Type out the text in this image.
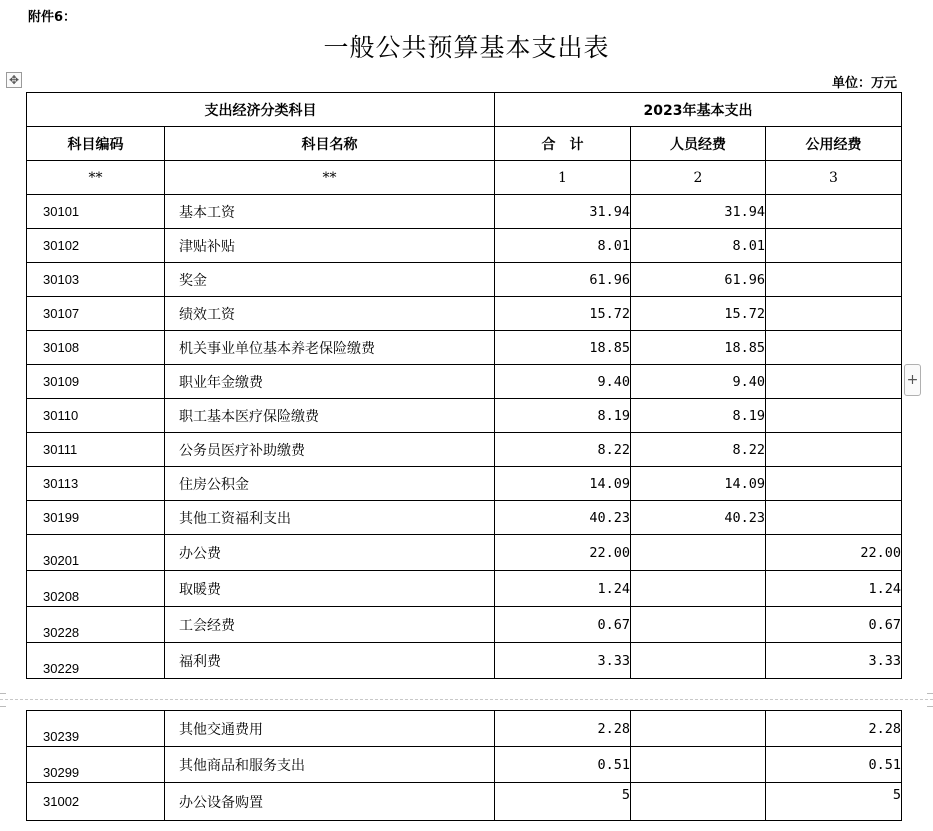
附件6：
一般公共预算基本支出表
✥	单位：万元
支出经济分类科目		2023年基本支出		
科目编码	科目名称	合　计	人员经费	公用经费
**	**	1	2	3
30101	基本工资	31.94	31.94	
30102	津贴补贴	8.01	8.01	
30103	奖金	61.96	61.96	
30107	绩效工资	15.72	15.72	
30108	机关事业单位基本养老保险缴费	18.85	18.85	
30109	职业年金缴费	9.40	9.40	
30110	职工基本医疗保险缴费	8.19	8.19	
30111	公务员医疗补助缴费	8.22	8.22	
30113	住房公积金	14.09	14.09	
30199	其他工资福利支出	40.23	40.23	
30201	办公费	22.00		22.00
30208	取暖费	1.24		1.24
30228	工会经费	0.67		0.67
30229	福利费	3.33		3.33
+
30239	其他交通费用	2.28		2.28
30299	其他商品和服务支出	0.51		0.51
31002	办公设备购置	5		5
